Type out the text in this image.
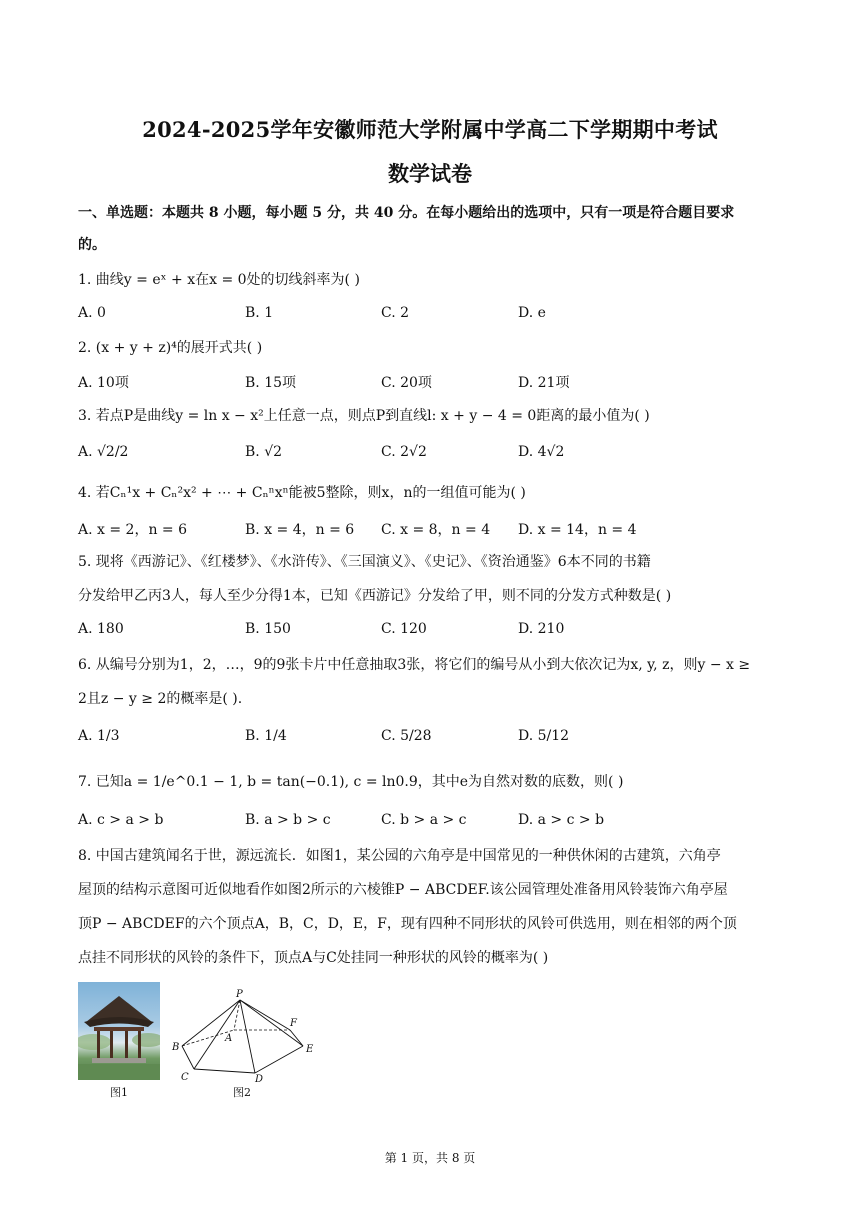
2024-2025学年安徽师范大学附属中学高二下学期期中考试
数学试卷
一、单选题：本题共 8 小题，每小题 5 分，共 40 分。在每小题给出的选项中，只有一项是符合题目要求
的。
1. 曲线y = eˣ + x在x = 0处的切线斜率为( )
A. 0	B. 1	C. 2	D. e
2. (x + y + z)⁴的展开式共( )
A. 10项	B. 15项	C. 20项	D. 21项
3. 若点P是曲线y = ln x − x²上任意一点，则点P到直线l: x + y − 4 = 0距离的最小值为( )
A. √2/2	B. √2	C. 2√2	D. 4√2
4. 若Cₙ¹x + Cₙ²x² + ⋯ + Cₙⁿxⁿ能被5整除，则x，n的一组值可能为( )
A. x = 2，n = 6	B. x = 4，n = 6 C. x = 8，n = 4 D. x = 14，n = 4
5. 现将《西游记》、《红楼梦》、《水浒传》、《三国演义》、《史记》、《资治通鉴》6本不同的书籍
分发给甲乙丙3人，每人至少分得1本，已知《西游记》分发给了甲，则不同的分发方式种数是( )
A. 180	B. 150	C. 120	D. 210
6. 从编号分别为1，2，…，9的9张卡片中任意抽取3张，将它们的编号从小到大依次记为x, y, z，则y − x ≥
2且z − y ≥ 2的概率是( ).
A. 1/3	B. 1/4	C. 5/28	D. 5/12
7. 已知a = 1/e^0.1 − 1, b = tan(−0.1), c = ln0.9，其中e为自然对数的底数，则( )
A. c > a > b	B. a > b > c	C. b > a > c	D. a > c > b
8. 中国古建筑闻名于世，源远流长．如图1，某公园的六角亭是中国常见的一种供休闲的古建筑，六角亭
屋顶的结构示意图可近似地看作如图2所示的六棱锥P − ABCDEF.该公园管理处准备用风铃装饰六角亭屋
顶P − ABCDEF的六个顶点A，B，C，D，E，F，现有四种不同形状的风铃可供选用，则在相邻的两个顶
点挂不同形状的风铃的条件下，顶点A与C处挂同一种形状的风铃的概率为( )
图1
P
A
B
C	D
E
F
图2
第 1 页，共 8 页
